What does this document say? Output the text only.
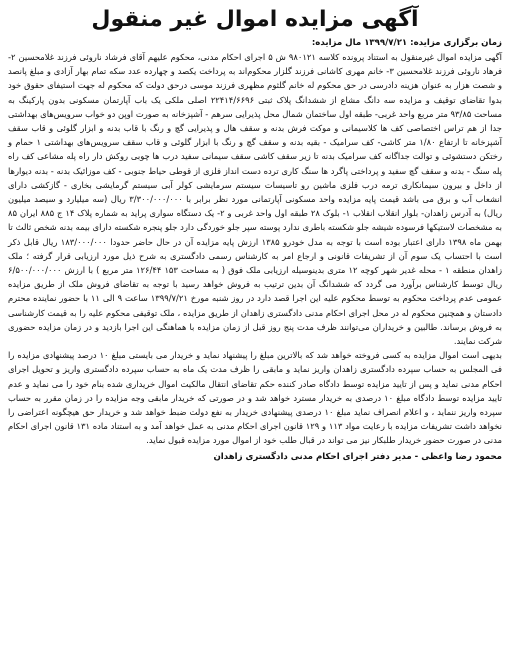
آگهی مزایده اموال غیر منقول

زمان برگزاری مزایده: ۱۳۹۹/۷/۲۱ مال مزایده:

آگهی مزایده اموال غیرمنقول به استناد پرونده کلاسه ۹۸۰۱۲۱ ش ۵ اجرای احکام مدنی، محکوم علیهم آقای فرشاد ناروئی فرزند غلامحسین ۲- فرهاد ناروئی فرزند غلامحسین ۳- خانم مهری کاشانی فرزند گلزار محکوم‌اند به پرداخت یکصد و چهارده عدد سکه تمام بهار آزادی و مبلغ پانصد و شصت هزار به عنوان هزینه دادرسی در حق محکوم له خانم گلثوم مظهری فرزند موسی درحق دولت که محکوم له جهت استیفای حقوق خود بدوا تقاضای توقیف و مزایده سه دانگ مشاع از ششدانگ پلاک ثبتی ۲۲۴۱۴/۶۶۹۶ اصلی ملکی یک باب آپارتمان مسکونی بدون پارکینگ به مساحت ۹۳/۸۵ متر مربع واحد غربی- طبقه اول ساختمان شمال محل پذیرایی سرهم - آشپزخانه به صورت اوپن دو خواب سرویس‌های بهداشتی جدا از هم تراس اختصاصی کف ها کلاسیمانی و موکت فرش بدنه و سقف هال و پذیرایی گچ و رنگ با قاب بدنه و ابزار گلوئی و قاب سقف آشپزخانه تا ارتفاع ۱/۸۰ متر کاشی- کف سرامیک - بقیه بدنه و سقف گچ و رنگ با ابزار گلوئی و قاب سقف سرویس‌های بهداشتی ۱ حمام و رختکن دستشوئی و توالت جداگانه کف سرامیک بدنه تا زیر سقف کاشی سقف سیمانی سفید درب ها چوبی روکش دار راه پله مشاعی کف راه پله سنگ - بدنه و سقف گچ سفید و پرداختی پاگرد ها سنگ کاری ترده دست انداز فلزی از قوطی حیاط جنوبی - کف موزائیک بدنه - بدنه دیوارها از داخل و بیرون سیمانکاری ترمه درب فلزی ماشین رو تاسیسات سیستم سرمایشی کولر آبی سیستم گرمایشی بخاری - گازکشی دارای انشعاب آب و برق می باشد قیمت پایه مزایده واحد مسکونی آپارتمانی مورد نظر برابر با ۳/۳۰۰/۰۰۰/۰۰۰ ریال (سه میلیارد و سیصد میلیون ریال) به آدرس زاهدان- بلوار انقلاب انقلاب ۱- بلوک ۲۸ طبقه اول واحد غربی و ۲- یک دستگاه سواری پراید به شماره پلاک ۱۴ ج ۸۸۵ ایران ۸۵ به مشخصات لاستیکها فرسوده شیشه جلو شکسته باطری ندارد پوسته سپر جلو خوردگی دارد جلو پنجره شکسته دارای بیمه بدنه شخص ثالث تا بهمن ماه ۱۳۹۸ دارای اعتبار بوده است با توجه به مدل خودرو ۱۳۸۵ ارزش پایه مزایده آن در حال حاضر حدودا ۱۸۳/۰۰۰/۰۰۰ ریال قابل ذکر است با احتساب یک سوم آن از تشریفات قانونی و ارجاع امر به کارشناس رسمی دادگستری به شرح ذیل مورد ارزیابی قرار گرفته ؛ ملک زاهدان منطقه ۱ - محله غدیر شهر کوچه ۱۲ متری بدینوسیله ارزیابی ملک فوق ( به مساحت ۱۵۳ ۱۲۶/۴۴ متر مربع ) با ارزش ۶/۵۰۰/۰۰۰/۰۰۰ ریال توسط کارشناس برآورد می گردد که ششدانگ آن بدین ترتیب به فروش خواهد رسید با توجه به تقاضای فروش ملک از طریق مزایده عمومی عدم پرداخت محکوم به توسط محکوم علیه این اجرا قصد دارد در روز شنبه مورخ ۱۳۹۹/۷/۲۱ ساعت ۹ الی ۱۱ با حضور نماینده محترم دادستان و همچنین محکوم له در محل اجرای احکام مدنی دادگستری زاهدان از طریق مزایده ، ملک توقیفی محکوم علیه را به قیمت کارشناسی به فروش برساند. طالبین و خریداران می‌توانند ظرف مدت پنج روز قبل از زمان مزایده با هماهنگی این اجرا بازدید و در زمان مزایده حضوری شرکت نمایند.

بدیهی است اموال مزایده به کسی فروخته خواهد شد که بالاترین مبلغ را پیشنهاد نماید و خریدار می بایستی مبلغ ۱۰ درصد پیشنهادی مزایده را فی المجلس به حساب سپرده دادگستری زاهدان واریز نماید و مابقی را ظرف مدت یک ماه به حساب سپرده دادگستری واریز و تحویل اجرای احکام مدنی نماید و پس از تایید مزایده توسط دادگاه صادر کننده حکم تقاضای انتقال مالکیت اموال خریداری شده بنام خود را می نماید و عدم تایید مزایده توسط دادگاه مبلغ ۱۰ درصدی به خریدار مسترد خواهد شد و در صورتی که خریدار مابقی وجه مزایده را در زمان مقرر به حساب سپرده واریز ننماید ، و اعلام انصراف نماید مبلغ ۱۰ درصدی پیشنهادی خریدار به نفع دولت ضبط خواهد شد و خریدار حق هیچگونه اعتراضی را نخواهد داشت تشریفات مزایده با رعایت مواد ۱۱۳ و ۱۲۹ قانون اجرای احکام مدنی به عمل خواهد آمد و به استناد ماده ۱۳۱ قانون اجرای احکام مدنی در صورت حضور خریدار طلبکار نیز می تواند در قبال طلب خود از اموال مورد مزایده قبول نماید.

محمود رضا واعظی - مدیر دفتر اجرای احکام مدنی دادگستری زاهدان
